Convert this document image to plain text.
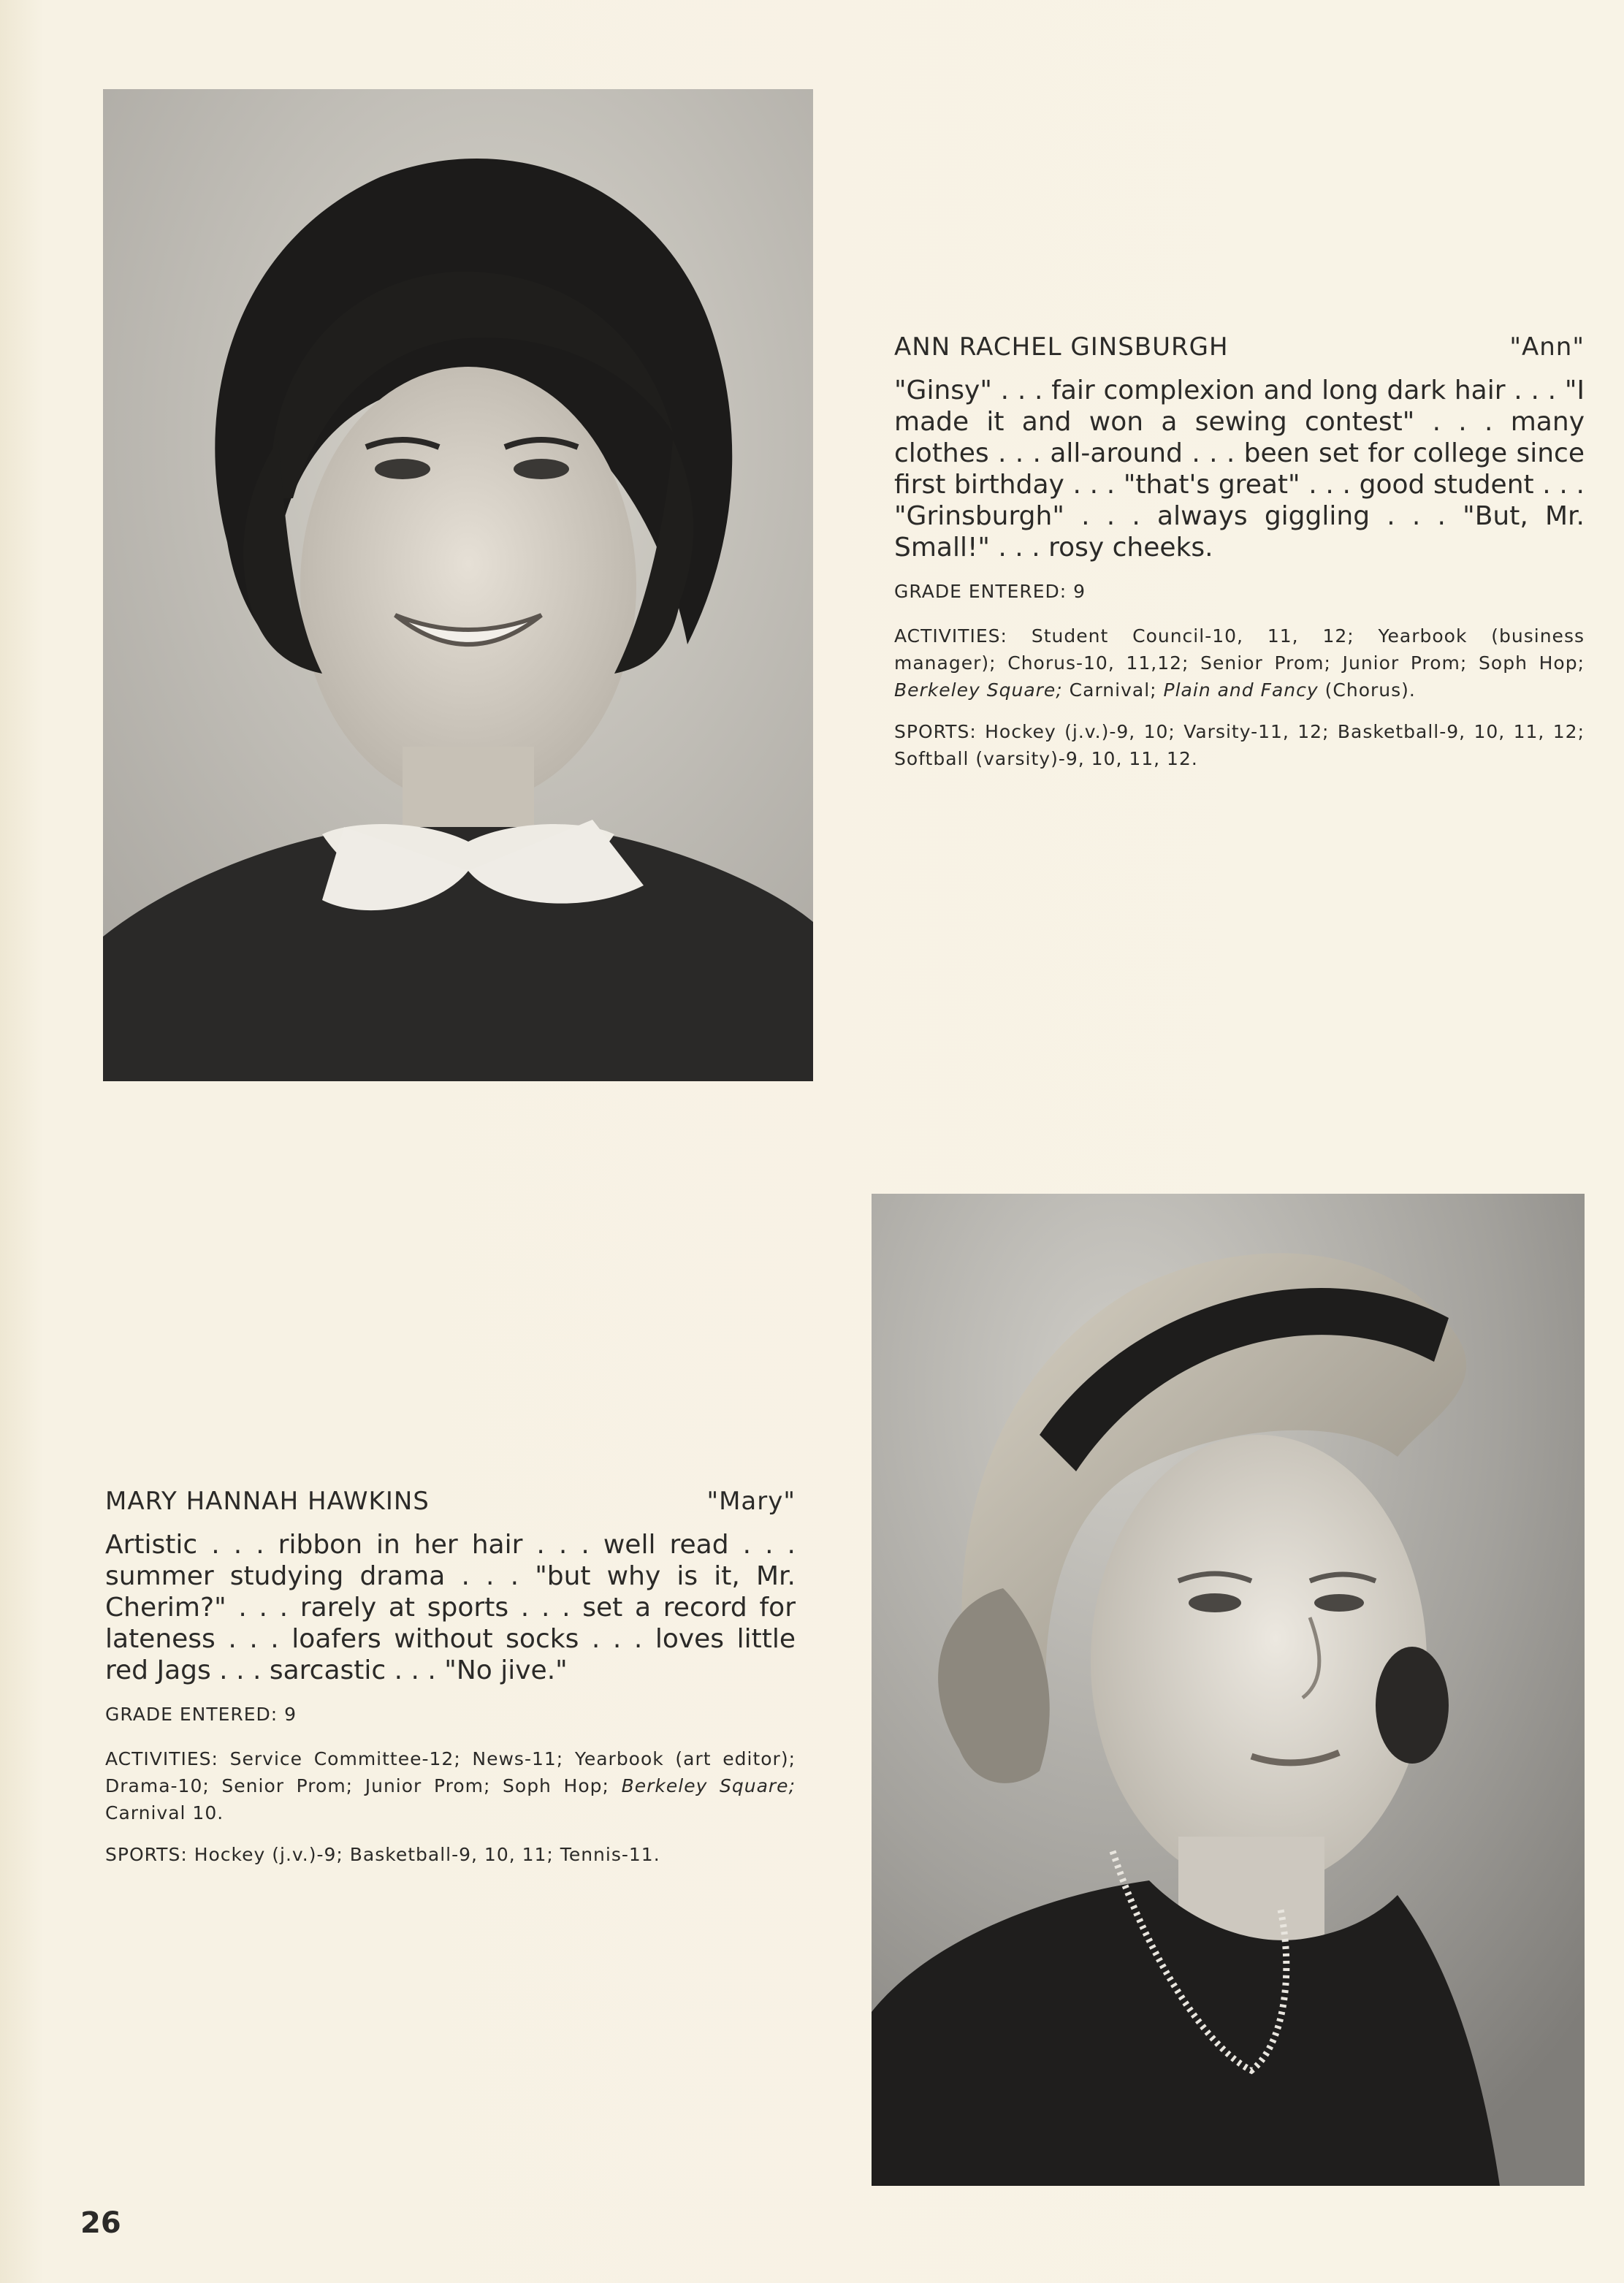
ANN RACHEL GINSBURGH	"Ann"

"Ginsy" . . . fair complexion and long dark hair . . . "I made it and won a sewing contest" . . . many clothes . . . all-around . . . been set for college since first birthday . . . "that's great" . . . good student . . . "Grinsburgh" . . . always giggling . . . "But, Mr. Small!" . . . rosy cheeks.

GRADE ENTERED: 9

ACTIVITIES: Student Council-10, 11, 12; Yearbook (business manager); Chorus-10, 11,12; Senior Prom; Junior Prom; Soph Hop; Berkeley Square; Carnival; Plain and Fancy (Chorus).

SPORTS: Hockey (j.v.)-9, 10; Varsity-11, 12; Basketball-9, 10, 11, 12; Softball (varsity)-9, 10, 11, 12.

MARY HANNAH HAWKINS	"Mary"

Artistic . . . ribbon in her hair . . . well read . . . summer studying drama . . . "but why is it, Mr. Cherim?" . . . rarely at sports . . . set a record for lateness . . . loafers without socks . . . loves little red Jags . . . sarcastic . . . "No jive."

GRADE ENTERED: 9

ACTIVITIES: Service Committee-12; News-11; Yearbook (art editor); Drama-10; Senior Prom; Junior Prom; Soph Hop; Berkeley Square; Carnival 10.

SPORTS: Hockey (j.v.)-9; Basketball-9, 10, 11; Tennis-11.

26
